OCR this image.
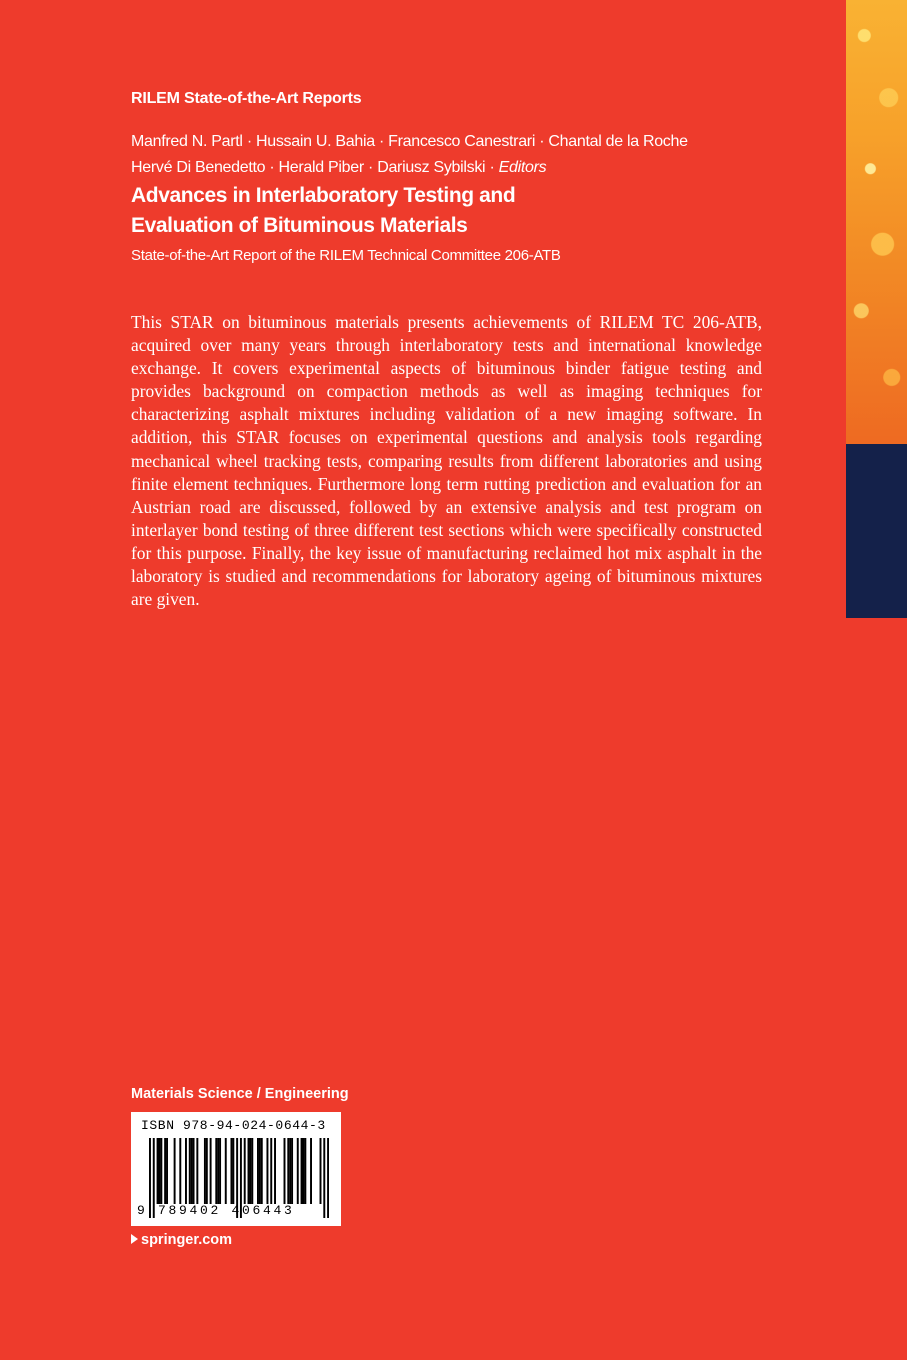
RILEM State-of-the-Art Reports
Manfred N. Partl · Hussain U. Bahia · Francesco Canestrari · Chantal de la Roche
Hervé Di Benedetto · Herald Piber · Dariusz Sybilski · Editors
Advances in Interlaboratory Testing and
Evaluation of Bituminous Materials
State-of-the-Art Report of the RILEM Technical Committee 206-ATB
This STAR on bituminous materials presents achievements of RILEM TC 206-ATB, acquired over many years through interlaboratory tests and international knowledge exchange. It covers experimental aspects of bituminous binder fatigue testing and provides background on compaction methods as well as imaging techniques for characterizing asphalt mixtures including validation of a new imaging software. In addition, this STAR focuses on experimental questions and analysis tools regarding mechanical wheel tracking tests, comparing results from different laboratories and using finite element techniques. Furthermore long term rutting prediction and evaluation for an Austrian road are discussed, followed by an extensive analysis and test program on interlayer bond testing of three different test sections which were specifically constructed for this purpose. Finally, the key issue of manufacturing reclaimed hot mix asphalt in the laboratory is studied and recommendations for laboratory ageing of bituminous mixtures are given.
Materials Science / Engineering
ISBN 978-94-024-0644-3
9 789402 406443
springer.com
